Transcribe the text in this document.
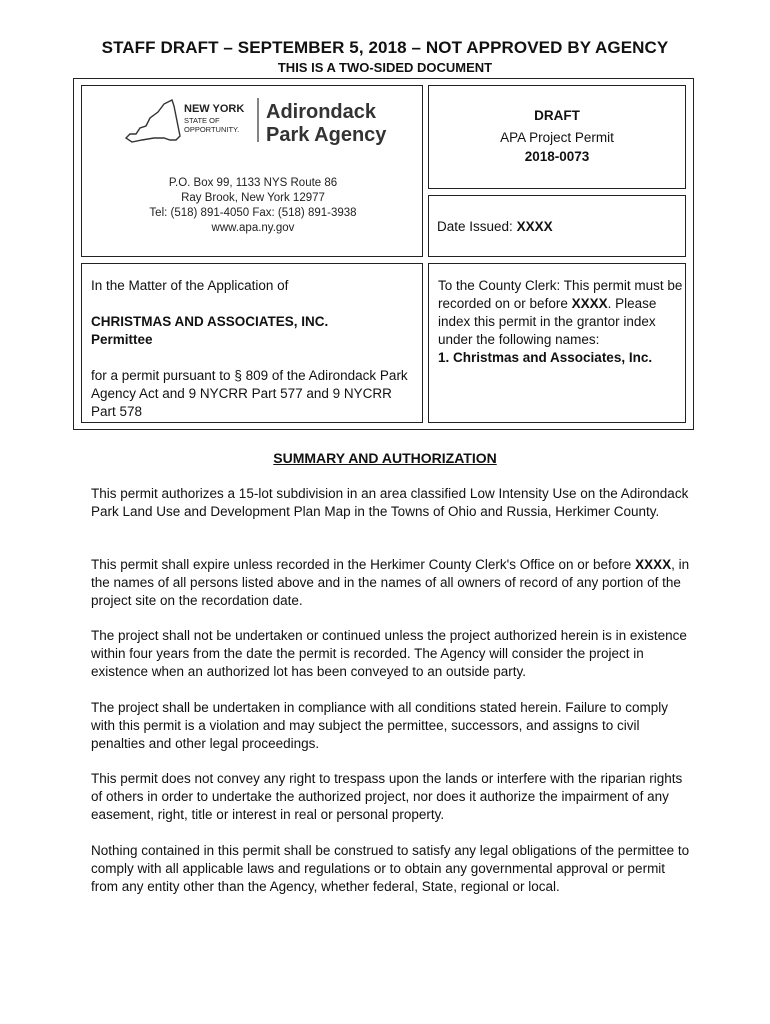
STAFF DRAFT – SEPTEMBER 5, 2018 – NOT APPROVED BY AGENCY
THIS IS A TWO-SIDED DOCUMENT
NEW YORK
STATE OF
OPPORTUNITY.
Adirondack
Park Agency
P.O. Box 99, 1133 NYS Route 86
Ray Brook, New York 12977
Tel: (518) 891-4050 Fax: (518) 891-3938
www.apa.ny.gov
DRAFT
APA Project Permit
2018-0073
Date Issued: XXXX
In the Matter of the Application of
CHRISTMAS AND ASSOCIATES, INC.
Permittee
for a permit pursuant to § 809 of the Adirondack Park Agency Act and 9 NYCRR Part 577 and 9 NYCRR Part 578
To the County Clerk: This permit must be recorded on or before XXXX. Please index this permit in the grantor index under the following names:
1. Christmas and Associates, Inc.
SUMMARY AND AUTHORIZATION
This permit authorizes a 15-lot subdivision in an area classified Low Intensity Use on the Adirondack Park Land Use and Development Plan Map in the Towns of Ohio and Russia, Herkimer County.
This permit shall expire unless recorded in the Herkimer County Clerk's Office on or before XXXX, in the names of all persons listed above and in the names of all owners of record of any portion of the project site on the recordation date.
The project shall not be undertaken or continued unless the project authorized herein is in existence within four years from the date the permit is recorded. The Agency will consider the project in existence when an authorized lot has been conveyed to an outside party.
The project shall be undertaken in compliance with all conditions stated herein. Failure to comply with this permit is a violation and may subject the permittee, successors, and assigns to civil penalties and other legal proceedings.
This permit does not convey any right to trespass upon the lands or interfere with the riparian rights of others in order to undertake the authorized project, nor does it authorize the impairment of any easement, right, title or interest in real or personal property.
Nothing contained in this permit shall be construed to satisfy any legal obligations of the permittee to comply with all applicable laws and regulations or to obtain any governmental approval or permit from any entity other than the Agency, whether federal, State, regional or local.
